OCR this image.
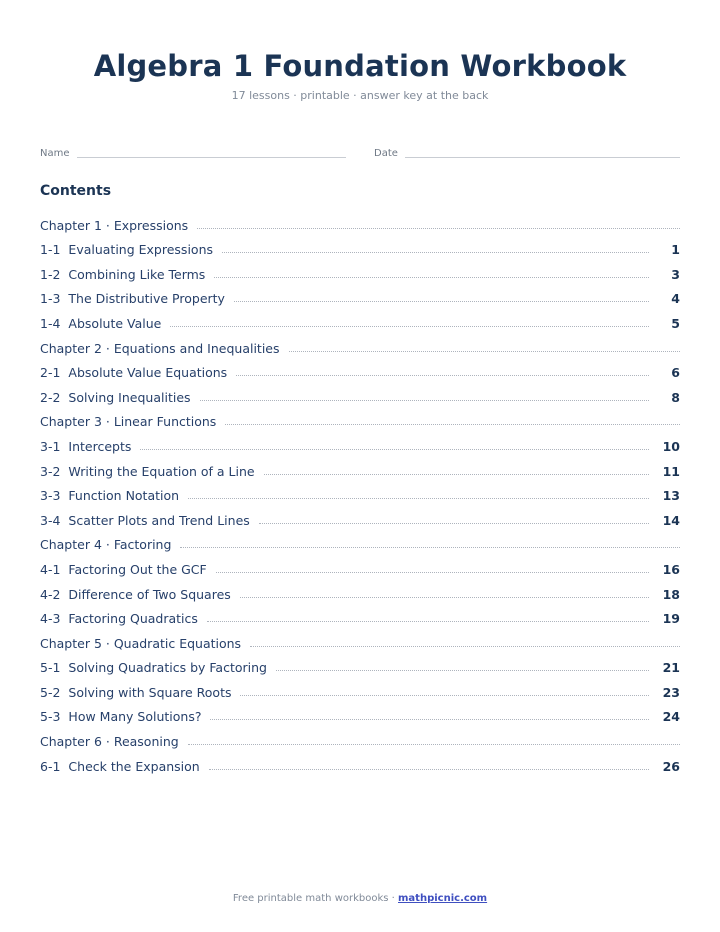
Algebra 1 Foundation Workbook
17 lessons · printable · answer key at the back
Name	Date
Contents
Chapter 1 · Expressions
1-1 Evaluating Expressions	1
1-2 Combining Like Terms	3
1-3 The Distributive Property	4
1-4 Absolute Value	5
Chapter 2 · Equations and Inequalities
2-1 Absolute Value Equations	6
2-2 Solving Inequalities	8
Chapter 3 · Linear Functions
3-1 Intercepts	10
3-2 Writing the Equation of a Line	11
3-3 Function Notation	13
3-4 Scatter Plots and Trend Lines	14
Chapter 4 · Factoring
4-1 Factoring Out the GCF	16
4-2 Difference of Two Squares	18
4-3 Factoring Quadratics	19
Chapter 5 · Quadratic Equations
5-1 Solving Quadratics by Factoring	21
5-2 Solving with Square Roots	23
5-3 How Many Solutions?	24
Chapter 6 · Reasoning
6-1 Check the Expansion	26
Free printable math workbooks · mathpicnic.com
